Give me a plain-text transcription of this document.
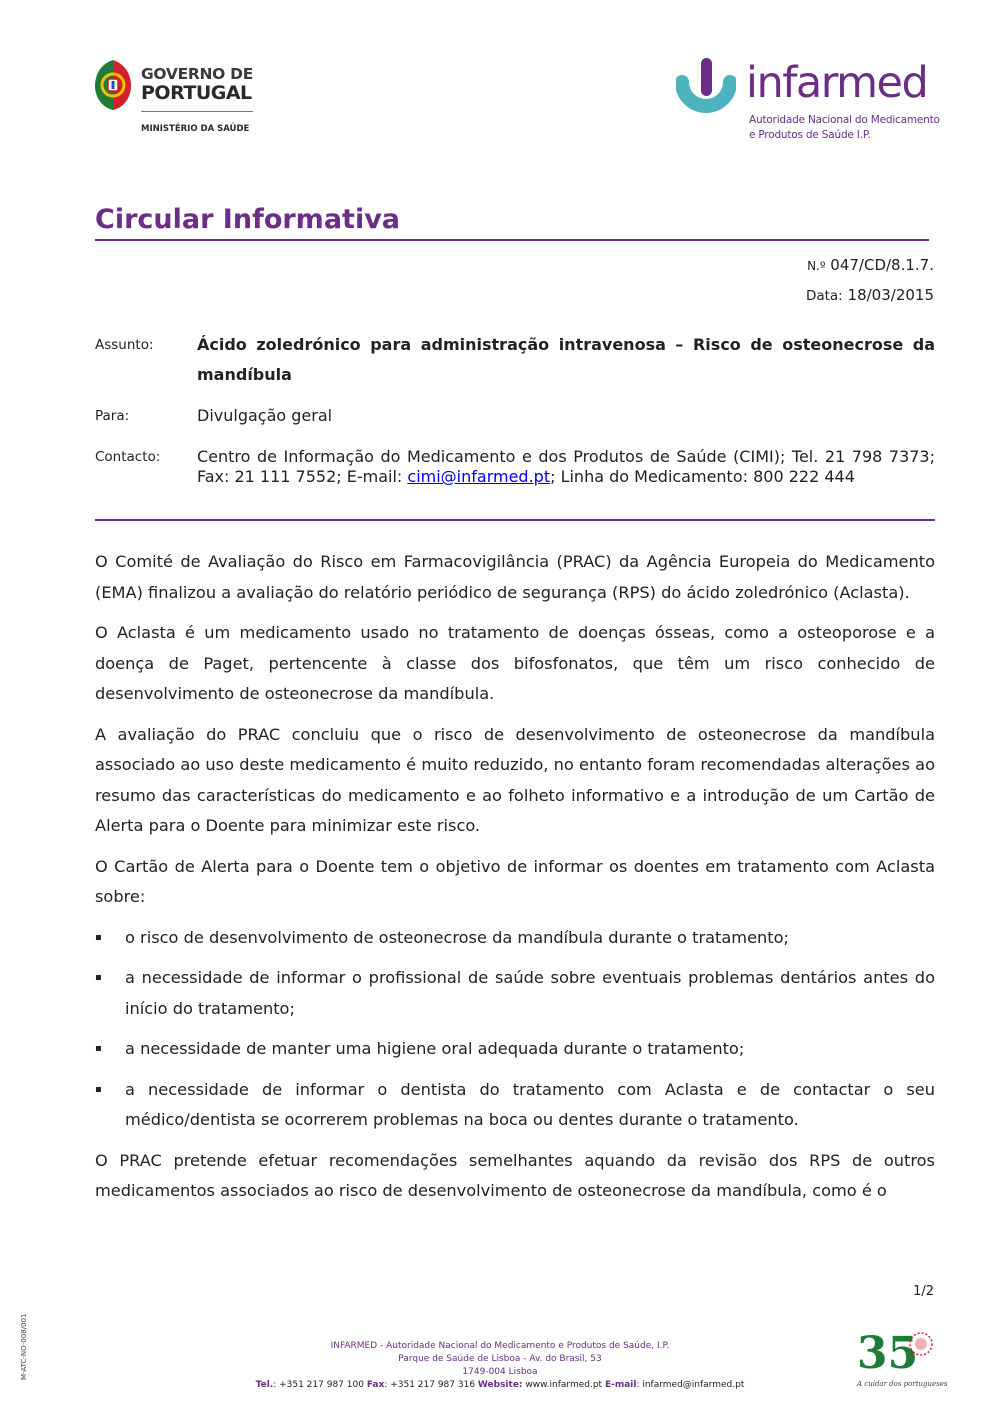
GOVERNO DE
PORTUGAL
MINISTÉRIO DA SAÚDE
infarmed
Autoridade Nacional do Medicamento
e Produtos de Saúde I.P.
Circular Informativa
N.º 047/CD/8.1.7.
Data: 18/03/2015
Assunto:	Ácido zoledrónico para administração intravenosa – Risco de osteonecrose da mandíbula
Para:	Divulgação geral
Contacto: Centro de Informação do Medicamento e dos Produtos de Saúde (CIMI); Tel. 21 798 7373; Fax: 21 111 7552; E-mail: cimi@infarmed.pt; Linha do Medicamento: 800 222 444

O Comité de Avaliação do Risco em Farmacovigilância (PRAC) da Agência Europeia do Medicamento (EMA) finalizou a avaliação do relatório periódico de segurança (RPS) do ácido zoledrónico (Aclasta).

O Aclasta é um medicamento usado no tratamento de doenças ósseas, como a osteoporose e a doença de Paget, pertencente à classe dos bifosfonatos, que têm um risco conhecido de desenvolvimento de osteonecrose da mandíbula.

A avaliação do PRAC concluiu que o risco de desenvolvimento de osteonecrose da mandíbula associado ao uso deste medicamento é muito reduzido, no entanto foram recomendadas alterações ao resumo das características do medicamento e ao folheto informativo e a introdução de um Cartão de Alerta para o Doente para minimizar este risco.

O Cartão de Alerta para o Doente tem o objetivo de informar os doentes em tratamento com Aclasta sobre:

▪ o risco de desenvolvimento de osteonecrose da mandíbula durante o tratamento;
▪ a necessidade de informar o profissional de saúde sobre eventuais problemas dentários antes do início do tratamento;
▪ a necessidade de manter uma higiene oral adequada durante o tratamento;
▪ a necessidade de informar o dentista do tratamento com Aclasta e de contactar o seu médico/dentista se ocorrerem problemas na boca ou dentes durante o tratamento.

O PRAC pretende efetuar recomendações semelhantes aquando da revisão dos RPS de outros medicamentos associados ao risco de desenvolvimento de osteonecrose da mandíbula, como é o

1/2
M-ATC-NO-008/001	INFARMED - Autoridade Nacional do Medicamento e Produtos de Saúde, I.P.
Parque de Saúde de Lisboa - Av. do Brasil, 53
1749-004 Lisboa
Tel.: +351 217 987 100 Fax: +351 217 987 316 Website: www.infarmed.pt E-mail: infarmed@infarmed.pt
35
A cuidar dos portugueses
